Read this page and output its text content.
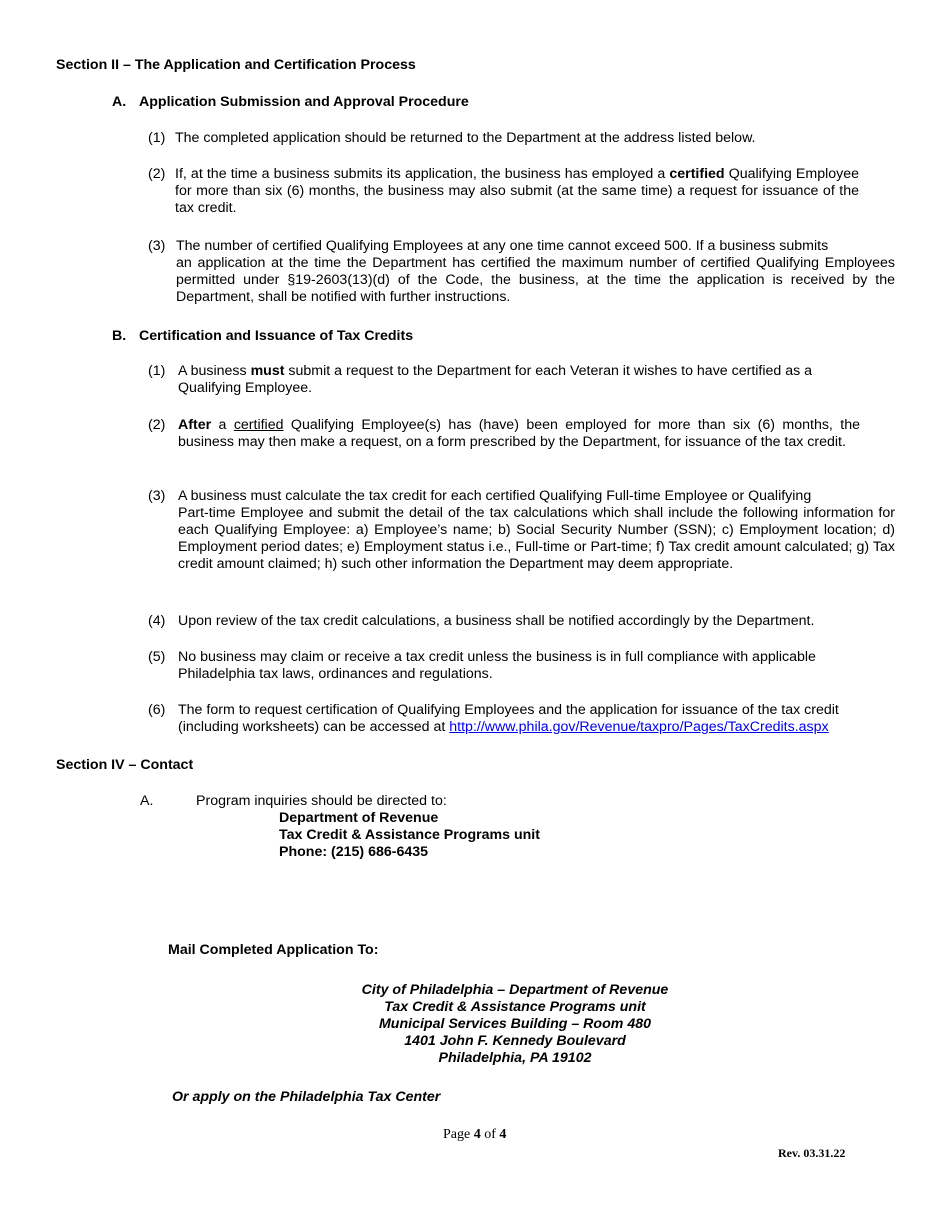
Section II – The Application and Certification Process
A. Application Submission and Approval Procedure
(1) The completed application should be returned to the Department at the address listed below.
(2) If, at the time a business submits its application, the business has employed a certified Qualifying Employee for more than six (6) months, the business may also submit (at the same time) a request for issuance of the tax credit.
(3) The number of certified Qualifying Employees at any one time cannot exceed 500. If a business submits
an application at the time the Department has certified the maximum number of certified Qualifying Employees permitted under §19-2603(13)(d) of the Code, the business, at the time the application is received by the Department, shall be notified with further instructions.
B. Certification and Issuance of Tax Credits
(1) A business must submit a request to the Department for each Veteran it wishes to have certified as a Qualifying Employee.
(2) After a certified Qualifying Employee(s) has (have) been employed for more than six (6) months, the business may then make a request, on a form prescribed by the Department, for issuance of the tax credit.
(3) A business must calculate the tax credit for each certified Qualifying Full-time Employee or Qualifying
Part-time Employee and submit the detail of the tax calculations which shall include the following information for each Qualifying Employee: a) Employee’s name; b) Social Security Number (SSN); c) Employment location; d) Employment period dates; e) Employment status i.e., Full-time or Part-time; f) Tax credit amount calculated; g) Tax credit amount claimed; h) such other information the Department may deem appropriate.
(4) Upon review of the tax credit calculations, a business shall be notified accordingly by the Department.
(5) No business may claim or receive a tax credit unless the business is in full compliance with applicable Philadelphia tax laws, ordinances and regulations.
(6) The form to request certification of Qualifying Employees and the application for issuance of the tax credit (including worksheets) can be accessed at http://www.phila.gov/Revenue/taxpro/Pages/TaxCredits.aspx
Section IV – Contact
A.	Program inquiries should be directed to:
Department of Revenue
Tax Credit & Assistance Programs unit
Phone: (215) 686-6435
Mail Completed Application To:
City of Philadelphia – Department of Revenue
Tax Credit & Assistance Programs unit
Municipal Services Building – Room 480
1401 John F. Kennedy Boulevard
Philadelphia, PA 19102
Or apply on the Philadelphia Tax Center
Page 4 of 4
Rev. 03.31.22
